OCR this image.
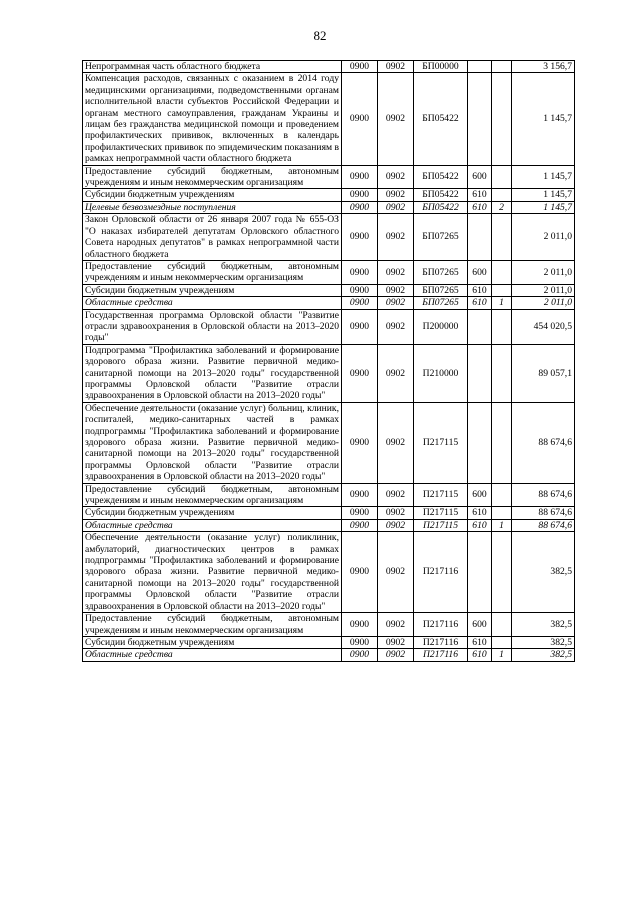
82
Непрограммная часть областного бюджета	0900	0902	БП00000			3 156,7
Компенсация расходов, связанных с оказанием в 2014 году медицинскими организациями, подведомственными органам исполнительной власти субъектов Российской Федерации и органам местного самоуправления, гражданам Украины и лицам без гражданства медицинской помощи и проведением профилактических прививок, включенных в календарь профилактических прививок по эпидемическим показаниям в рамках непрограммной части областного бюджета	0900	0902	БП05422			1 145,7
Предоставление субсидий бюджетным, автономным учреждениям и иным некоммерческим организациям	0900	0902	БП05422	600		1 145,7
Субсидии бюджетным учреждениям	0900	0902	БП05422	610		1 145,7
Целевые безвозмездные поступления	0900	0902	БП05422	610	2	1 145,7
Закон Орловской области от 26 января 2007 года № 655-ОЗ "О наказах избирателей депутатам Орловского областного Совета народных депутатов" в рамках непрограммной части областного бюджета	0900	0902	БП07265			2 011,0
Предоставление субсидий бюджетным, автономным учреждениям и иным некоммерческим организациям	0900	0902	БП07265	600		2 011,0
Субсидии бюджетным учреждениям	0900	0902	БП07265	610		2 011,0
Областные средства	0900	0902	БП07265	610	1	2 011,0
Государственная программа Орловской области "Развитие отрасли здравоохранения в Орловской области на 2013–2020 годы"	0900	0902	П200000			454 020,5
Подпрограмма "Профилактика заболеваний и формирование здорового образа жизни. Развитие первичной медико-санитарной помощи на 2013–2020 годы" государственной программы Орловской области "Развитие отрасли здравоохранения в Орловской области на 2013–2020 годы"	0900	0902	П210000			89 057,1
Обеспечение деятельности (оказание услуг) больниц, клиник, госпиталей, медико-санитарных частей в рамках подпрограммы "Профилактика заболеваний и формирование здорового образа жизни. Развитие первичной медико-санитарной помощи на 2013–2020 годы" государственной программы Орловской области "Развитие отрасли здравоохранения в Орловской области на 2013–2020 годы"	0900	0902	П217115			88 674,6
Предоставление субсидий бюджетным, автономным учреждениям и иным некоммерческим организациям	0900	0902	П217115	600		88 674,6
Субсидии бюджетным учреждениям	0900	0902	П217115	610		88 674,6
Областные средства	0900	0902	П217115	610	1	88 674,6
Обеспечение деятельности (оказание услуг) поликлиник, амбулаторий, диагностических центров в рамках подпрограммы "Профилактика заболеваний и формирование здорового образа жизни. Развитие первичной медико-санитарной помощи на 2013–2020 годы" государственной программы Орловской области "Развитие отрасли здравоохранения в Орловской области на 2013–2020 годы"	0900	0902	П217116			382,5
Предоставление субсидий бюджетным, автономным учреждениям и иным некоммерческим организациям	0900	0902	П217116	600		382,5
Субсидии бюджетным учреждениям	0900	0902	П217116	610		382,5
Областные средства	0900	0902	П217116	610	1	382,5
